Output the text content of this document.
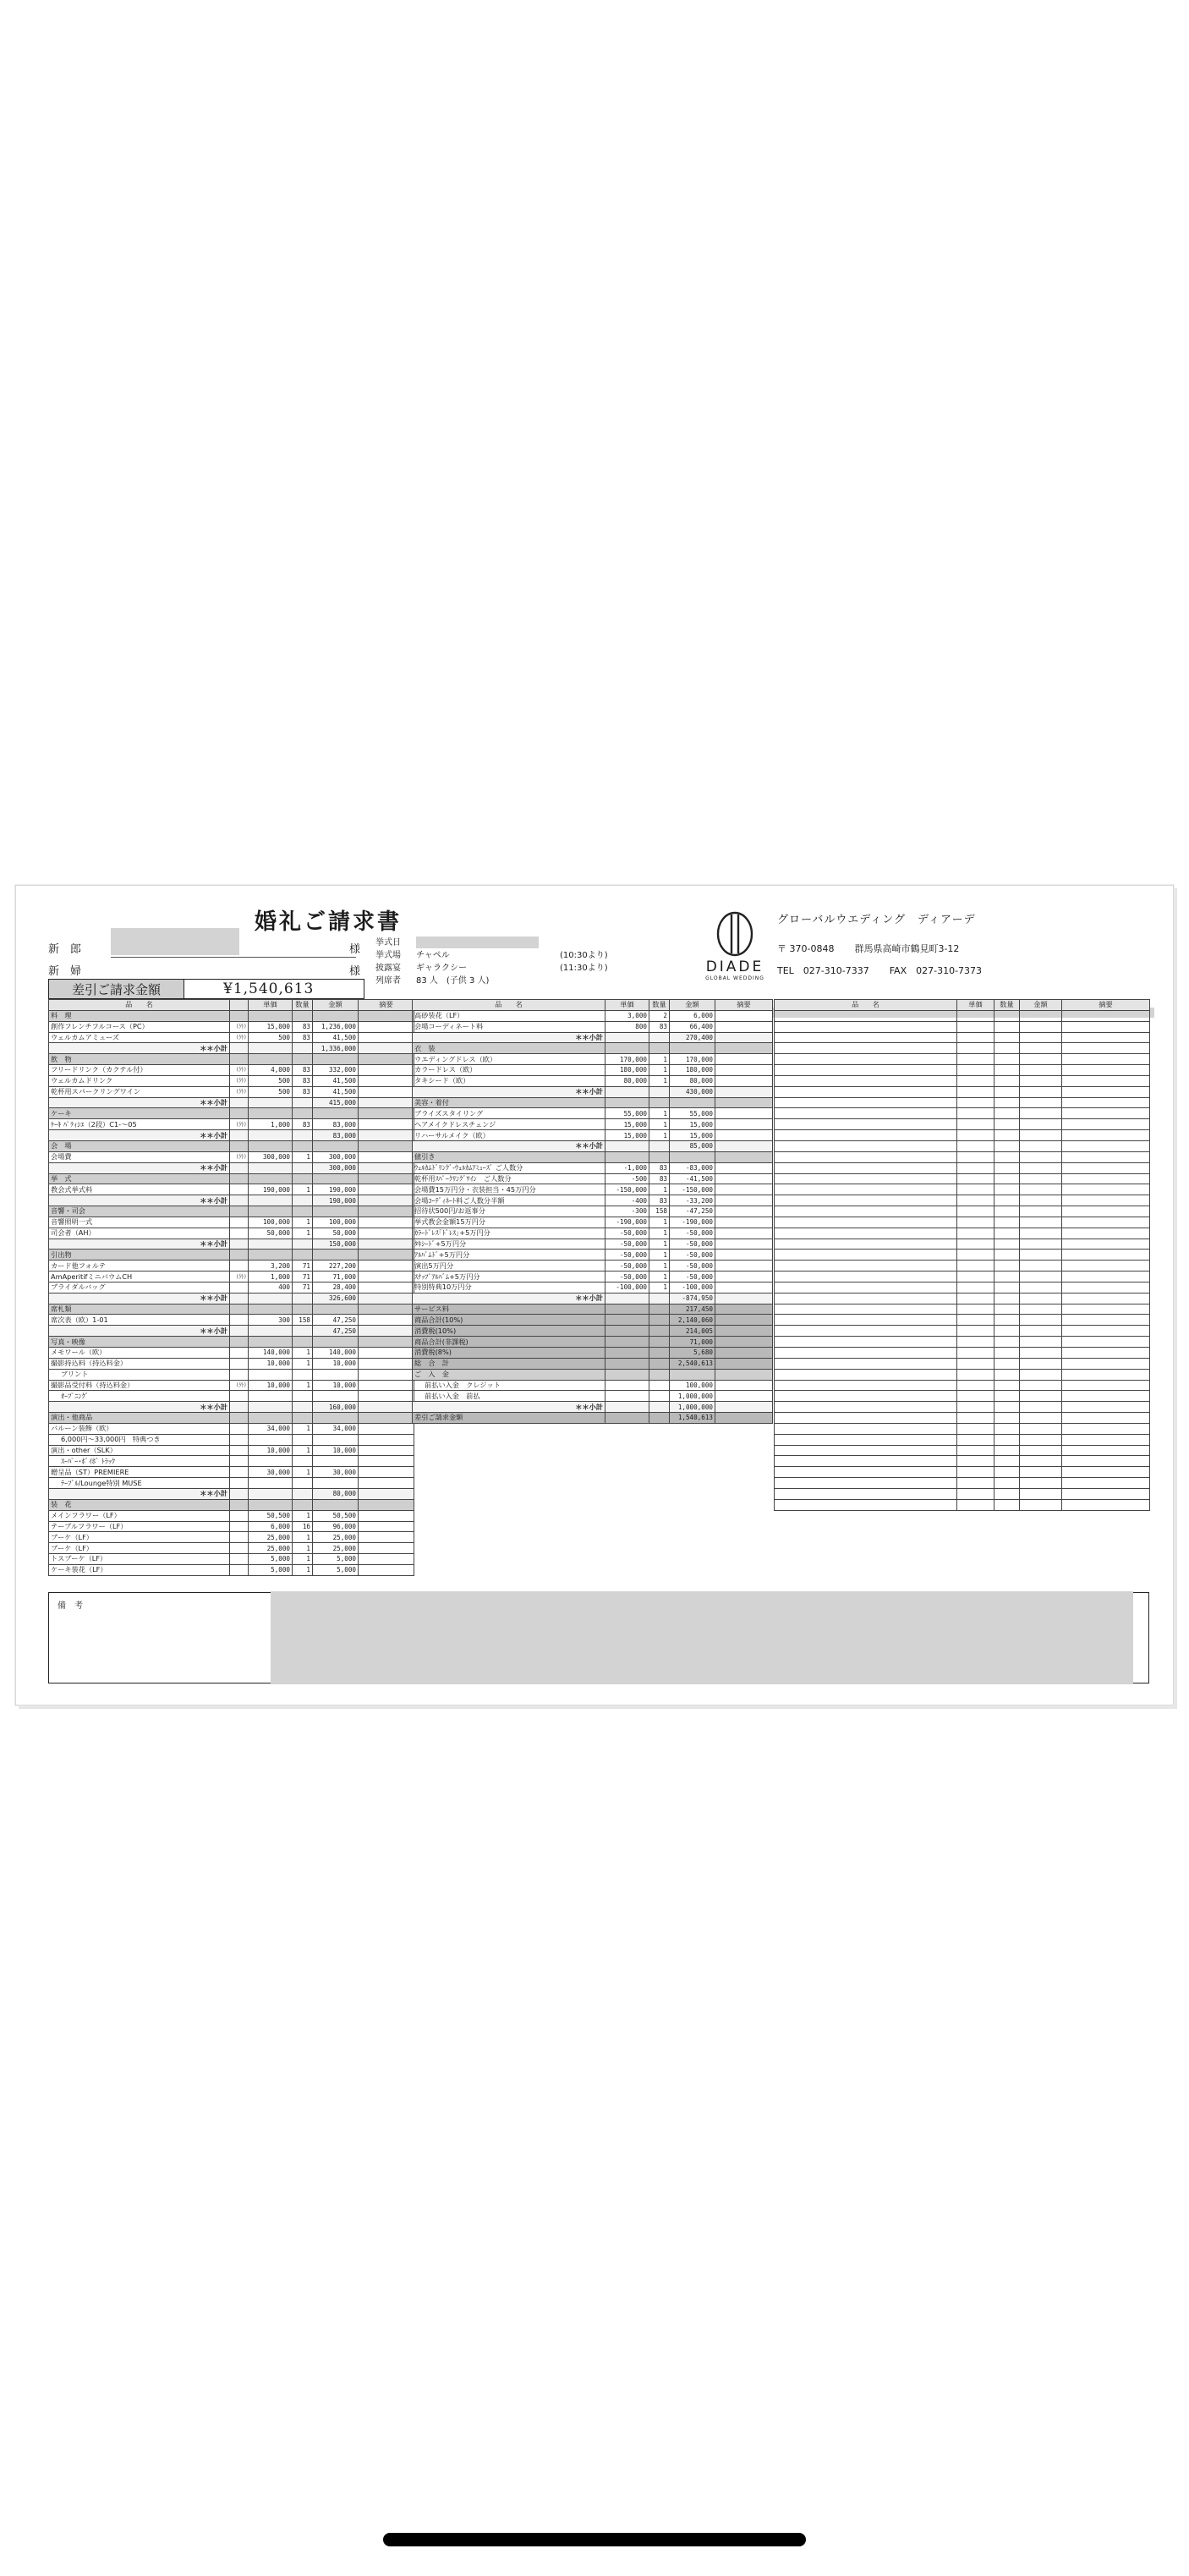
婚礼ご請求書
新　郎	様
新　婦	様
差引ご請求金額	¥1,540,613
挙式日
挙式場	チャペル	(10:30より)
披露宴	ギャラクシー	(11:30より)
列席者	83 人　(子供 3 人)
DIADE
GLOBAL WEDDING
グローバルウエディング　ディアーデ
〒 370-0848 群馬県高崎市鶴見町3-12
TEL　027-310-7337 FAX　027-310-7373
品　　名		単価	数量	金額	摘要
料　理					
創作フレンチフルコース（PC）	(外)	15,000	83	1,236,000	
ウェルカムアミューズ	(外)	500	83	41,500	
＊＊小計				1,336,000	
飲　物					
フリードリンク（カクテル付）	(外)	4,000	83	332,000	
ウェルカムドリンク	(外)	500	83	41,500	
乾杯用スパークリングワイン	(外)	500	83	41,500	
＊＊小計				415,000	
ケーキ					
ｹｰｷ ﾊﾟﾃｨｼｴ（2段）C1-～05	(外)	1,000	83	83,000	
＊＊小計				83,000	
会　場					
会場費	(外)	300,000	1	300,000	
＊＊小計				300,000	
挙　式					
教会式挙式料		190,000	1	190,000	
＊＊小計				190,000	
音響・司会					
音響照明一式		100,000	1	100,000	
司会者（AH）		50,000	1	50,000	
＊＊小計				150,000	
引出物					
カード他フォルテ		3,200	71	227,200	
AmAperitifミニバウムCH	(外)	1,000	71	71,000	
ブライダルバッグ		400	71	28,400	
＊＊小計				326,600	
席札類					
席次表（欧）1-01		300	158	47,250	
＊＊小計				47,250	
写真・映像					
メモワール（欧）		140,000	1	140,000	
撮影持込料（持込料金）		10,000	1	10,000	
プリント					
撮影品受付料（持込料金）	(外)	10,000	1	10,000	
ｵｰﾌﾟﾆﾝｸﾞ					
＊＊小計				160,000	
演出・他商品					
バルーン装飾（欧）		34,000	1	34,000	
6,000円〜33,000円　特典つき					
演出・other（SLK）		10,000	1	10,000	
ｽｰﾊﾟｰ･ﾎﾞｲﾎﾞ ﾄﾗｯｸ					
贈呈品（ST）PREMIERE		30,000	1	30,000	
ﾃｰﾌﾞﾙ/Lounge特別 MUSE					
＊＊小計				80,000	
装　花					
メインフラワー（LF）		50,500	1	50,500	
テーブルフラワー（LF）		6,000	16	96,000	
ブーケ（LF）		25,000	1	25,000	
ブーケ（LF）		25,000	1	25,000	
トスブーケ（LF）		5,000	1	5,000	
ケーキ装花（LF）		5,000	1	5,000	
品　　名	単価	数量	金額	摘要
高砂装花（LF）	3,000	2	6,000	
会場コーディネート料	800	83	66,400	
＊＊小計			270,400	
衣　装				
ウエディングドレス（欧）	170,000	1	170,000	
カラードレス（欧）	180,000	1	180,000	
タキシード（欧）	80,000	1	80,000	
＊＊小計			430,000	
美容・着付				
ブライズスタイリング	55,000	1	55,000	
ヘアメイクドレスチェンジ	15,000	1	15,000	
リハーサルメイク（欧）	15,000	1	15,000	
＊＊小計			85,000	
値引き				
ｳｪﾙｶﾑﾄﾞﾘﾝｸﾞ-ｳｪﾙｶﾑｱﾐｭｰｽﾞ ご人数分	-1,000	83	-83,000	
乾杯用ｽﾊﾟｰｸﾘﾝｸﾞﾜｲﾝ　ご人数分	-500	83	-41,500	
会場費15万円分・衣装担当・45万円分	-150,000	1	-150,000	
会場ｺｰﾃﾞｨﾈｰﾄ料ご人数分半額	-400	83	-33,200	
招待状500円/お返事分	-300	158	-47,250	
挙式教会金額15万円分	-190,000	1	-190,000	
ｶﾗｰﾄﾞﾚｽ｢ﾄﾞﾚｽ｣+5万円分	-50,000	1	-50,000	
ﾀｷｼｰﾄﾞ+5万円分	-50,000	1	-50,000	
ｱﾙﾊﾞﾑﾄﾞ+5万円分	-50,000	1	-50,000	
演出5万円分	-50,000	1	-50,000	
ｽﾅｯﾌﾟｱﾙﾊﾞﾑ+5万円分	-50,000	1	-50,000	
特別特典10万円分	-100,000	1	-100,000	
＊＊小計			-874,950	
サービス料			217,450	
商品合計(10%)			2,140,060	
消費税(10%)			214,005	
商品合計(非課税)			71,000	
消費税(8%)			5,680	
総　合　計			2,540,613	
ご　入　金				
前払い入金　クレジット			100,000	
前払い入金　前払			1,000,000	
＊＊小計			1,000,000	
差引ご請求金額			1,540,613	
品　　名	単価	数量	金額	摘要

備　考
